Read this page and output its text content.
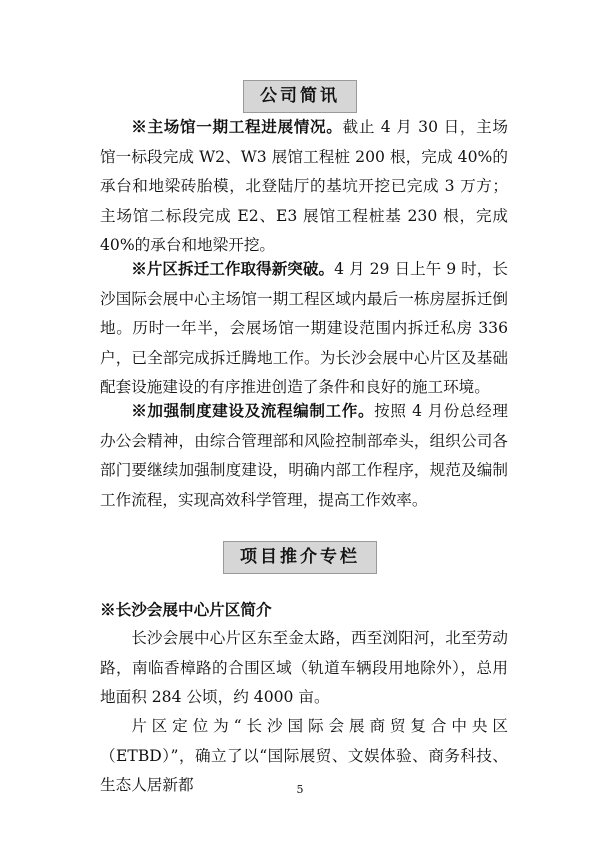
公司简讯

※主场馆一期工程进展情况。截止 4 月 30 日，主场馆一标段完成 W2、W3 展馆工程桩 200 根，完成 40%的承台和地梁砖胎模，北登陆厅的基坑开挖已完成 3 万方；主场馆二标段完成 E2、E3 展馆工程桩基 230 根，完成 40%的承台和地梁开挖。

※片区拆迁工作取得新突破。4 月 29 日上午 9 时，长沙国际会展中心主场馆一期工程区域内最后一栋房屋拆迁倒地。历时一年半，会展场馆一期建设范围内拆迁私房 336 户，已全部完成拆迁腾地工作。为长沙会展中心片区及基础配套设施建设的有序推进创造了条件和良好的施工环境。

※加强制度建设及流程编制工作。按照 4 月份总经理办公会精神，由综合管理部和风险控制部牵头，组织公司各部门要继续加强制度建设，明确内部工作程序，规范及编制工作流程，实现高效科学管理，提高工作效率。

项目推介专栏

※长沙会展中心片区简介

长沙会展中心片区东至金太路，西至浏阳河，北至劳动路，南临香樟路的合围区域（轨道车辆段用地除外），总用地面积 284 公顷，约 4000 亩。

片区定位为“长沙国际会展商贸复合中央区（ETBD）”，确立了以“国际展贸、文娱体验、商务科技、生态人居新都	5
